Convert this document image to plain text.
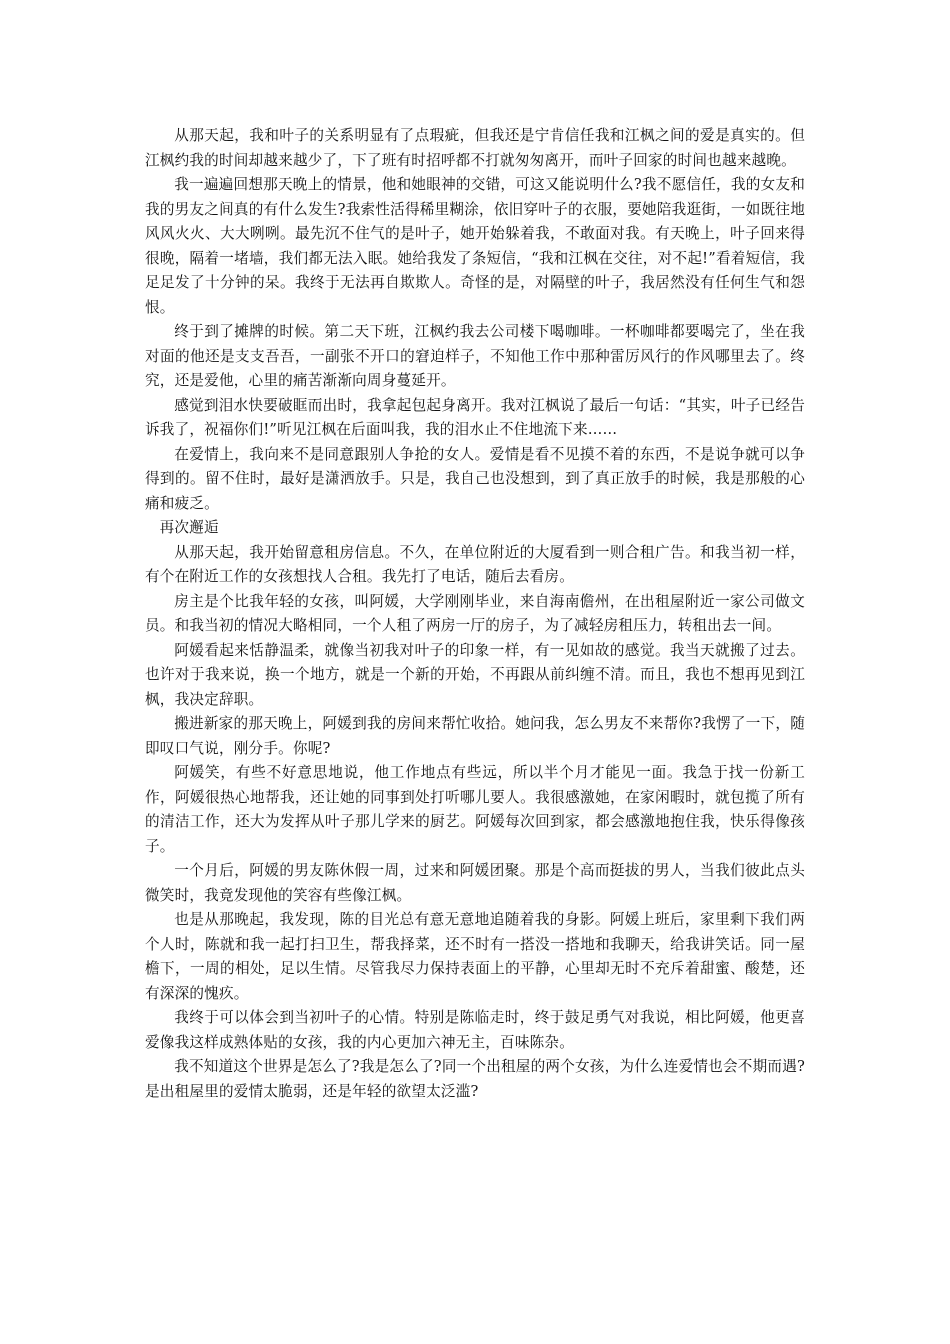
从那天起，我和叶子的关系明显有了点瑕疵，但我还是宁肯信任我和江枫之间的爱是真实的。但江枫约我的时间却越来越少了，下了班有时招呼都不打就匆匆离开，而叶子回家的时间也越来越晚。

我一遍遍回想那天晚上的情景，他和她眼神的交错，可这又能说明什么?我不愿信任，我的女友和我的男友之间真的有什么发生?我索性活得稀里糊涂，依旧穿叶子的衣服，要她陪我逛街，一如既往地风风火火、大大咧咧。最先沉不住气的是叶子，她开始躲着我，不敢面对我。有天晚上，叶子回来得很晚，隔着一堵墙，我们都无法入眠。她给我发了条短信，“我和江枫在交往，对不起!”看着短信，我足足发了十分钟的呆。我终于无法再自欺欺人。奇怪的是，对隔壁的叶子，我居然没有任何生气和怨恨。

终于到了摊牌的时候。第二天下班，江枫约我去公司楼下喝咖啡。一杯咖啡都要喝完了，坐在我对面的他还是支支吾吾，一副张不开口的窘迫样子，不知他工作中那种雷厉风行的作风哪里去了。终究，还是爱他，心里的痛苦渐渐向周身蔓延开。

感觉到泪水快要破眶而出时，我拿起包起身离开。我对江枫说了最后一句话：“其实，叶子已经告诉我了，祝福你们!”听见江枫在后面叫我，我的泪水止不住地流下来……

在爱情上，我向来不是同意跟别人争抢的女人。爱情是看不见摸不着的东西，不是说争就可以争得到的。留不住时，最好是潇洒放手。只是，我自己也没想到，到了真正放手的时候，我是那般的心痛和疲乏。

再次邂逅

从那天起，我开始留意租房信息。不久，在单位附近的大厦看到一则合租广告。和我当初一样，有个在附近工作的女孩想找人合租。我先打了电话，随后去看房。

房主是个比我年轻的女孩，叫阿媛，大学刚刚毕业，来自海南儋州，在出租屋附近一家公司做文员。和我当初的情况大略相同，一个人租了两房一厅的房子，为了减轻房租压力，转租出去一间。

阿媛看起来恬静温柔，就像当初我对叶子的印象一样，有一见如故的感觉。我当天就搬了过去。也许对于我来说，换一个地方，就是一个新的开始，不再跟从前纠缠不清。而且，我也不想再见到江枫，我决定辞职。

搬进新家的那天晚上，阿媛到我的房间来帮忙收拾。她问我，怎么男友不来帮你?我愣了一下，随即叹口气说，刚分手。你呢?

阿媛笑，有些不好意思地说，他工作地点有些远，所以半个月才能见一面。我急于找一份新工作，阿媛很热心地帮我，还让她的同事到处打听哪儿要人。我很感激她，在家闲暇时，就包揽了所有的清洁工作，还大为发挥从叶子那儿学来的厨艺。阿媛每次回到家，都会感激地抱住我，快乐得像孩子。

一个月后，阿媛的男友陈休假一周，过来和阿媛团聚。那是个高而挺拔的男人，当我们彼此点头微笑时，我竟发现他的笑容有些像江枫。

也是从那晚起，我发现，陈的目光总有意无意地追随着我的身影。阿媛上班后，家里剩下我们两个人时，陈就和我一起打扫卫生，帮我择菜，还不时有一搭没一搭地和我聊天，给我讲笑话。同一屋檐下，一周的相处，足以生情。尽管我尽力保持表面上的平静，心里却无时不充斥着甜蜜、酸楚，还有深深的愧疚。

我终于可以体会到当初叶子的心情。特别是陈临走时，终于鼓足勇气对我说，相比阿媛，他更喜爱像我这样成熟体贴的女孩，我的内心更加六神无主，百味陈杂。

我不知道这个世界是怎么了?我是怎么了?同一个出租屋的两个女孩，为什么连爱情也会不期而遇?是出租屋里的爱情太脆弱，还是年轻的欲望太泛滥?
